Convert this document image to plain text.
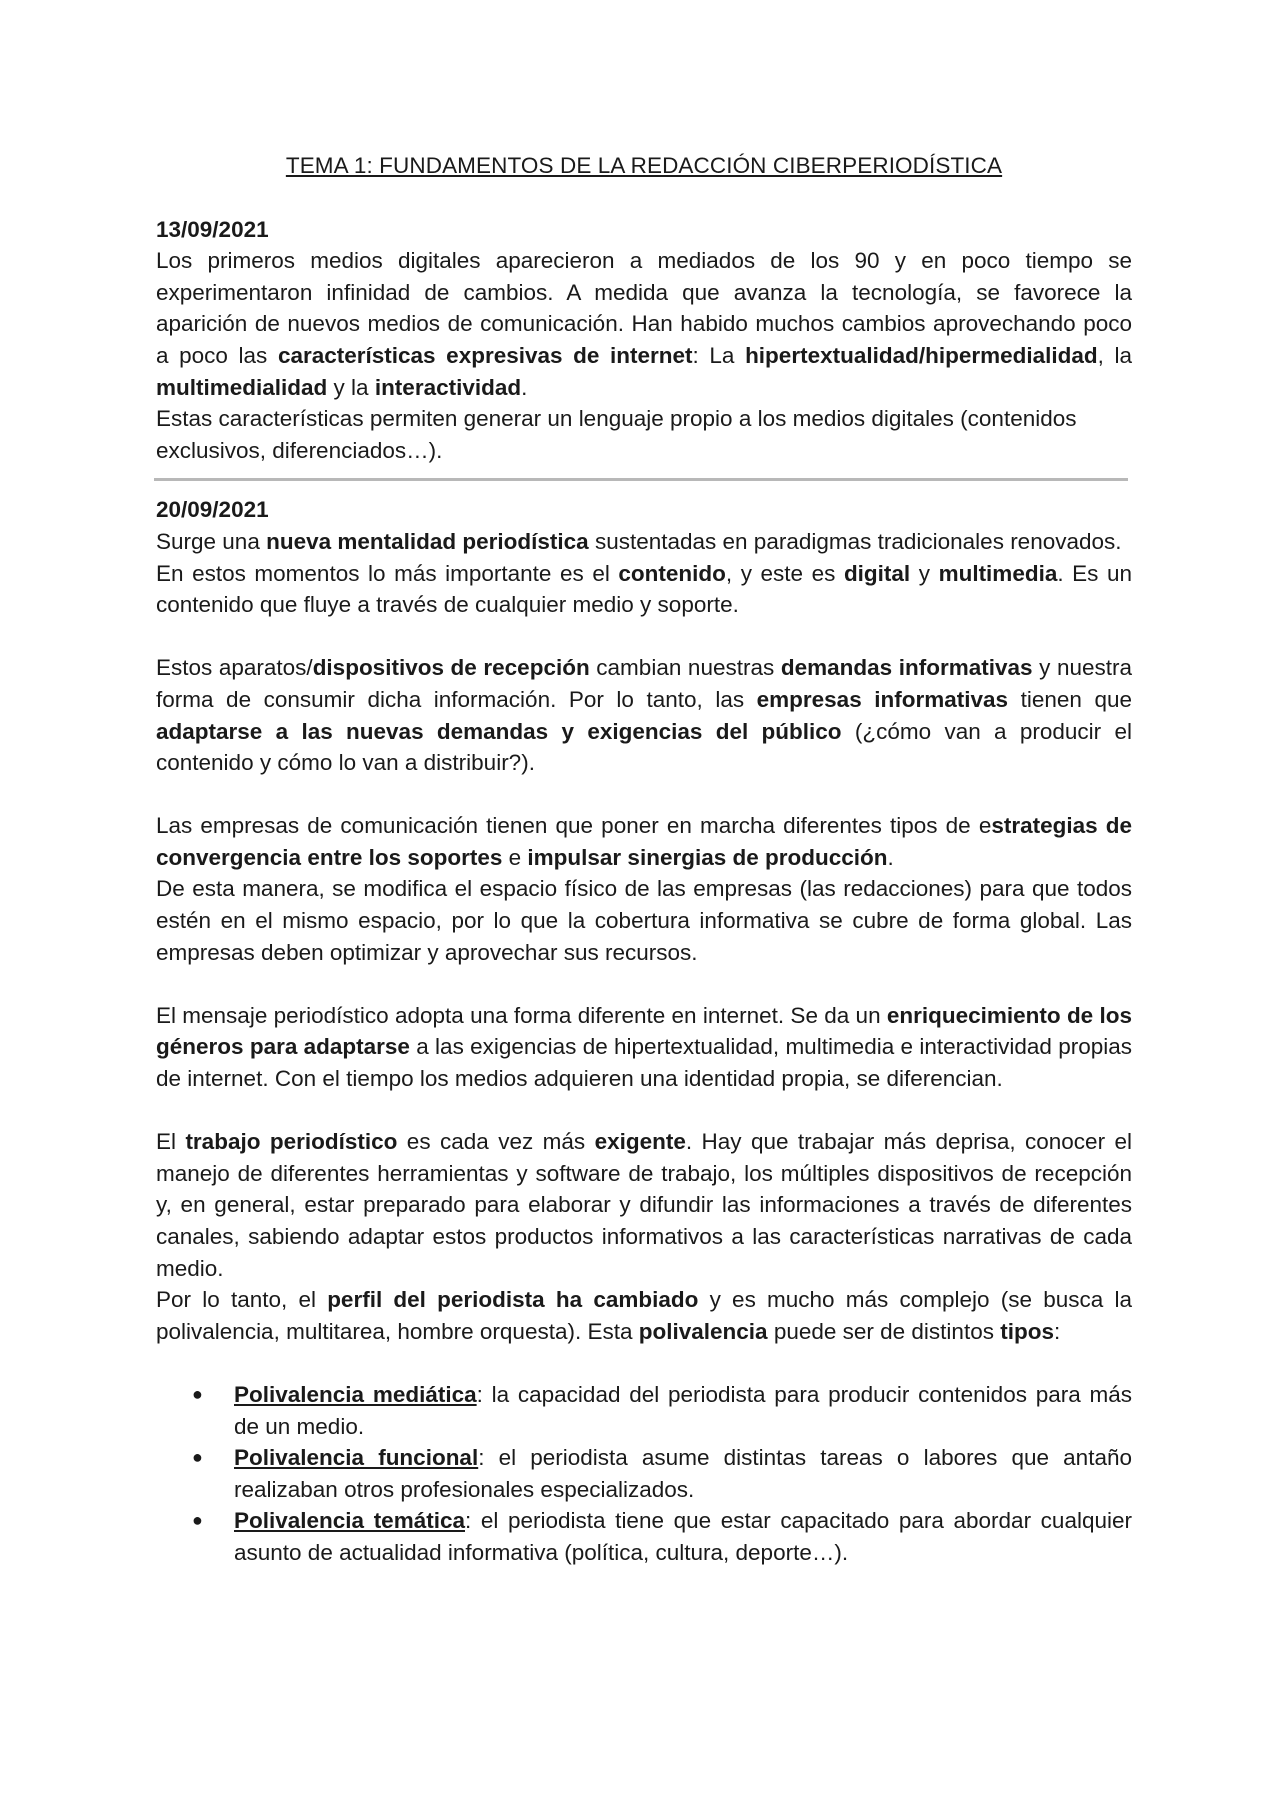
TEMA 1: FUNDAMENTOS DE LA REDACCIÓN CIBERPERIODÍSTICA
13/09/2021

Los primeros medios digitales aparecieron a mediados de los 90 y en poco tiempo se experimentaron infinidad de cambios. A medida que avanza la tecnología, se favorece la aparición de nuevos medios de comunicación. Han habido muchos cambios aprovechando poco a poco las características expresivas de internet: La hipertextualidad/hipermedialidad, la multimedialidad y la interactividad.

Estas características permiten generar un lenguaje propio a los medios digitales (contenidos exclusivos, diferenciados…).

20/09/2021

Surge una nueva mentalidad periodística sustentadas en paradigmas tradicionales renovados.

En estos momentos lo más importante es el contenido, y este es digital y multimedia. Es un contenido que fluye a través de cualquier medio y soporte.

Estos aparatos/dispositivos de recepción cambian nuestras demandas informativas y nuestra forma de consumir dicha información. Por lo tanto, las empresas informativas tienen que adaptarse a las nuevas demandas y exigencias del público (¿cómo van a producir el contenido y cómo lo van a distribuir?).

Las empresas de comunicación tienen que poner en marcha diferentes tipos de estrategias de convergencia entre los soportes e impulsar sinergias de producción.

De esta manera, se modifica el espacio físico de las empresas (las redacciones) para que todos estén en el mismo espacio, por lo que la cobertura informativa se cubre de forma global. Las empresas deben optimizar y aprovechar sus recursos.

El mensaje periodístico adopta una forma diferente en internet. Se da un enriquecimiento de los géneros para adaptarse a las exigencias de hipertextualidad, multimedia e interactividad propias de internet. Con el tiempo los medios adquieren una identidad propia, se diferencian.

El trabajo periodístico es cada vez más exigente. Hay que trabajar más deprisa, conocer el manejo de diferentes herramientas y software de trabajo, los múltiples dispositivos de recepción y, en general, estar preparado para elaborar y difundir las informaciones a través de diferentes canales, sabiendo adaptar estos productos informativos a las características narrativas de cada medio.

Por lo tanto, el perfil del periodista ha cambiado y es mucho más complejo (se busca la polivalencia, multitarea, hombre orquesta). Esta polivalencia puede ser de distintos tipos:

● Polivalencia mediática: la capacidad del periodista para producir contenidos para más de un medio.
● Polivalencia funcional: el periodista asume distintas tareas o labores que antaño realizaban otros profesionales especializados.
● Polivalencia temática: el periodista tiene que estar capacitado para abordar cualquier asunto de actualidad informativa (política, cultura, deporte…).
